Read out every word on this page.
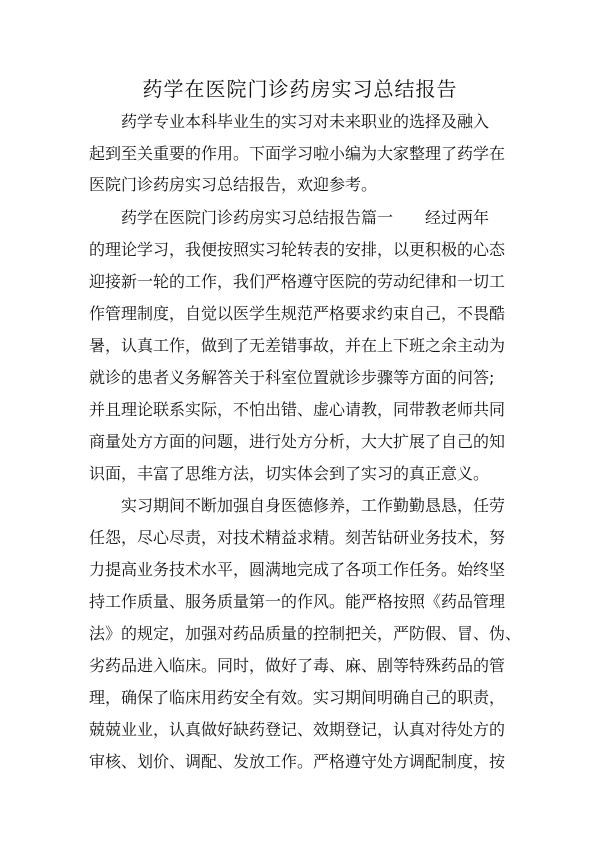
药学在医院门诊药房实习总结报告
药学专业本科毕业生的实习对未来职业的选择及融入
起到至关重要的作用。下面学习啦小编为大家整理了药学在
医院门诊药房实习总结报告，欢迎参考。
药学在医院门诊药房实习总结报告篇一　　经过两年
的理论学习，我便按照实习轮转表的安排，以更积极的心态
迎接新一轮的工作，我们严格遵守医院的劳动纪律和一切工
作管理制度，自觉以医学生规范严格要求约束自己，不畏酷
暑，认真工作，做到了无差错事故，并在上下班之余主动为
就诊的患者义务解答关于科室位置就诊步骤等方面的问答;
并且理论联系实际，不怕出错、虚心请教，同带教老师共同
商量处方方面的问题，进行处方分析，大大扩展了自己的知
识面，丰富了思维方法，切实体会到了实习的真正意义。
实习期间不断加强自身医德修养，工作勤勤恳恳，任劳
任怨，尽心尽责，对技术精益求精。刻苦钻研业务技术，努
力提高业务技术水平，圆满地完成了各项工作任务。始终坚
持工作质量、服务质量第一的作风。能严格按照《药品管理
法》的规定，加强对药品质量的控制把关，严防假、冒、伪、
劣药品进入临床。同时，做好了毒、麻、剧等特殊药品的管
理，确保了临床用药安全有效。实习期间明确自己的职责，
兢兢业业，认真做好缺药登记、效期登记，认真对待处方的
审核、划价、调配、发放工作。严格遵守处方调配制度，按
